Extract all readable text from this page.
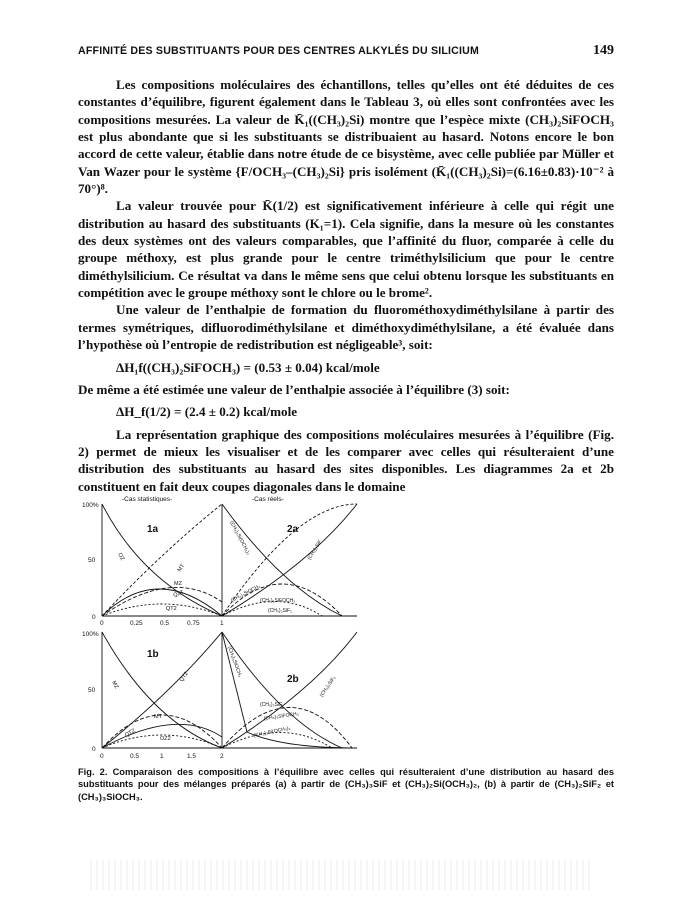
AFFINITÉ DES SUBSTITUANTS POUR DES CENTRES ALKYLÉS DU SILICIUM	149

Les compositions moléculaires des échantillons, telles qu’elles ont été déduites de ces constantes d’équilibre, figurent également dans le Tableau 3, où elles sont confrontées avec les compositions mesurées. La valeur de K̄₁((CH₃)₂Si) montre que l’espèce mixte (CH₃)₂SiFOCH₃ est plus abondante que si les substituants se distribuaient au hasard. Notons encore le bon accord de cette valeur, établie dans notre étude de ce bisystème, avec celle publiée par Müller et Van Wazer pour le système {F/OCH₃–(CH₃)₂Si} pris isolément (K̄₁((CH₃)₂Si)=(6.16±0.83)·10⁻² à 70°)⁸.

La valeur trouvée pour K̄(1/2) est significativement inférieure à celle qui régit une distribution au hasard des substituants (K₁=1). Cela signifie, dans la mesure où les constantes des deux systèmes ont des valeurs comparables, que l’affinité du fluor, comparée à celle du groupe méthoxy, est plus grande pour le centre triméthylsilicium que pour le centre diméthylsilicium. Ce résultat va dans le même sens que celui obtenu lorsque les substituants en compétition avec le groupe méthoxy sont le chlore ou le brome².

Une valeur de l’enthalpie de formation du fluorométhoxydiméthylsilane à partir des termes symétriques, difluorodiméthylsilane et diméthoxydiméthylsilane, a été évaluée dans l’hypothèse où l’entropie de redistribution est négligeable³, soit:

ΔH₁f((CH₃)₂SiFOCH₃) = (0.53 ± 0.04) kcal/mole

De même a été estimée une valeur de l’enthalpie associée à l’équilibre (3) soit:

ΔH_f(1/2) = (2.4 ± 0.2) kcal/mole

La représentation graphique des compositions moléculaires mesurées à l’équilibre (Fig. 2) permet de mieux les visualiser et de les comparer avec celles qui résulteraient d’une distribution des substituants au hasard des sites disponibles. Les diagrammes 2a et 2b constituent en fait deux coupes diagonales dans le domaine

-Cas statistiques-	-Cas réels-
100%
50
0
100%
50
0
1a	2a
1b
2b
0	0.25	0.5	0.75	1
0	0.5	1	1.5	2
OZ
MT
MZ
Q2T
QT2
(CH₃)₂Si(OCH₃)₂	(CH₃)₃SiF
(CH₃)₃SiOCH₃
(CH₃)₂SiFOCH₃
(CH₃)₂SiF₂
MZ
QT2
MT
QTZ
OZ2
(CH₃)₂SiF₂
(CH₃)₃SiOCH₃
(CH₃)₃SiF
(CH₃)₂SiFOCH₃
(CH₃)₂Si(OCH₃)₂
Fig. 2. Comparaison des compositions à l’équilibre avec celles qui résulteraient d’une distribution au hasard des substituants pour des mélanges préparés (a) à partir de (CH₃)₃SiF et (CH₃)₂Si(OCH₃)₂, (b) à partir de (CH₃)₂SiF₂ et (CH₃)₃SiOCH₃.
